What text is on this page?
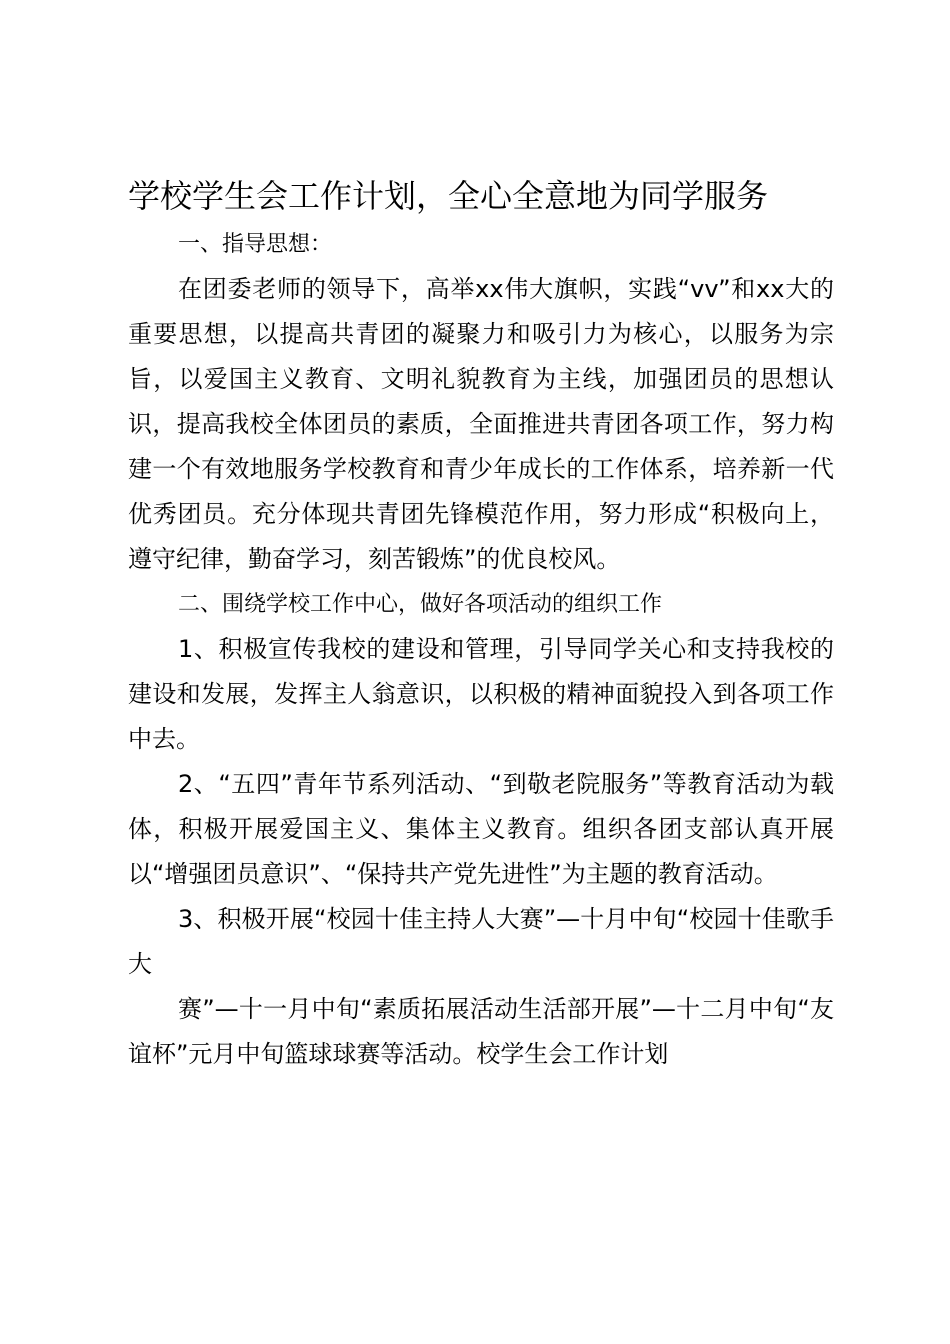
学校学生会工作计划，全心全意地为同学服务

一、指导思想：

在团委老师的领导下，高举xx伟大旗帜，实践“vv”和xx大的重要思想，以提高共青团的凝聚力和吸引力为核心，以服务为宗旨，以爱国主义教育、文明礼貌教育为主线，加强团员的思想认识，提高我校全体团员的素质，全面推进共青团各项工作，努力构建一个有效地服务学校教育和青少年成长的工作体系，培养新一代优秀团员。充分体现共青团先锋模范作用，努力形成“积极向上，遵守纪律，勤奋学习，刻苦锻炼”的优良校风。

二、围绕学校工作中心，做好各项活动的组织工作

1、积极宣传我校的建设和管理，引导同学关心和支持我校的建设和发展，发挥主人翁意识，以积极的精神面貌投入到各项工作中去。

2、“五四”青年节系列活动、“到敬老院服务”等教育活动为载体，积极开展爱国主义、集体主义教育。组织各团支部认真开展以“增强团员意识”、“保持共产党先进性”为主题的教育活动。

3、积极开展“校园十佳主持人大赛”—十月中旬“校园十佳歌手大

赛”—十一月中旬“素质拓展活动生活部开展”—十二月中旬“友谊杯”元月中旬篮球球赛等活动。校学生会工作计划
